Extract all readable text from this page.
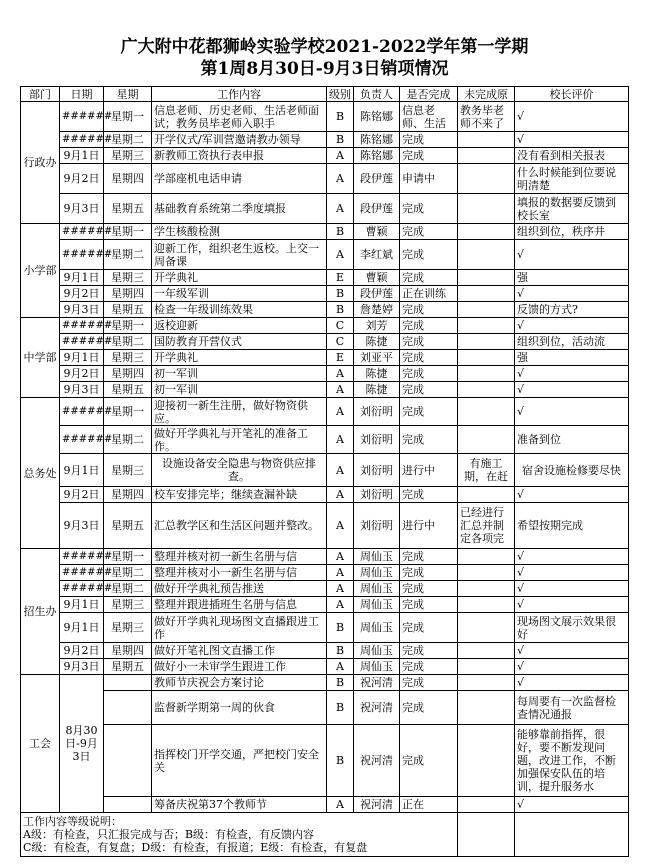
广大附中花都狮岭实验学校2021-2022学年第一学期
第1周8月30日-9月3日销项情况
部门	日期	星期	工作内容	级别	负责人	是否完成	未完成原	校长评价
行政办	######	星期一	信息老师、历史老师、生活老师面试；教务员毕老师入职手	B	陈铭娜	信息老师、生活	教务毕老师不来了	√
	######	星期二	开学仪式/军训营邀请教办领导	B	陈铭娜	完成		√
	9月1日	星期三	新教师工资执行表申报	A	陈铭娜	完成		没有看到相关报表
	9月2日	星期四	学部座机电话申请	A	段伊莲	申请中		什么时候能到位要说明清楚
	9月3日	星期五	基础教育系统第二季度填报	A	段伊莲	完成		填报的数据要反馈到校长室
小学部	######	星期一	学生核酸检测	B	曹颖	完成		组织到位，秩序井
	######	星期二	迎新工作，组织老生返校。上交一周备课	A	李红斌	完成		√
	9月1日	星期三	开学典礼	E	曹颖	完成		强
	9月2日	星期四	一年级军训	B	段伊莲	正在训练		√
	9月3日	星期五	检查一年级训练效果	B	詹楚婷	完成		反馈的方式?
中学部	######	星期一	返校迎新	C	刘芳	完成		√
	######	星期二	国防教育开营仪式	C	陈捷	完成		组织到位，活动流
	9月1日	星期三	开学典礼	E	刘亚平	完成		强
	9月2日	星期四	初一军训	A	陈捷	完成		√
	9月3日	星期五	初一军训	A	陈捷	完成		√
总务处	######	星期一	迎接初一新生注册，做好物资供应。	A	刘衍明	完成		√
	######	星期二	做好开学典礼与开笔礼的准备工作。	A	刘衍明	完成		准备到位
	9月1日	星期三	设施设备安全隐患与物资供应排查。	A	刘衍明	进行中	有施工期，在赶	宿舍设施检修要尽快
	9月2日	星期四	校车安排完毕；继续查漏补缺	A	刘衍明	完成		√
	9月3日	星期五	汇总教学区和生活区问题并整改。	A	刘衍明	进行中	已经进行汇总并制定各项完	希望按期完成
招生办	######	星期一	整理并核对初一新生名册与信	A	周仙玉	完成		√
	######	星期二	整理并核对小一新生名册与信	A	周仙玉	完成		√
	######	星期二	做好开学典礼预告推送	A	周仙玉	完成		√
	9月1日	星期三	整理并跟进插班生名册与信息	A	周仙玉	完成		√
	9月1日	星期三	做好开学典礼现场图文直播跟进工作	B	周仙玉	完成		现场图文展示效果很好
	9月2日	星期四	做好开笔礼图文直播工作	B	周仙玉	完成		√
	9月3日	星期五	做好小一未审学生跟进工作	A	周仙玉	完成		√
工会	8月30日-9月3日		教师节庆祝会方案讨论	B	祝河清	完成		√
			监督新学期第一周的伙食	B	祝河清	完成		每周要有一次监督检查情况通报
			指挥校门开学交通，严把校门安全关	B	祝河清	完成		能够靠前指挥，很好，要不断发现问题，改进工作，不断加强保安队伍的培训，提升服务水
			筹备庆祝第37个教师节	A	祝河清	正在		√

工作内容等级说明：
A级：有检查，只汇报完成与否；B级：有检查，有反馈内容
C级：有检查，有复盘；D级：有检查，有报道；E级：有检查，有复盘								
